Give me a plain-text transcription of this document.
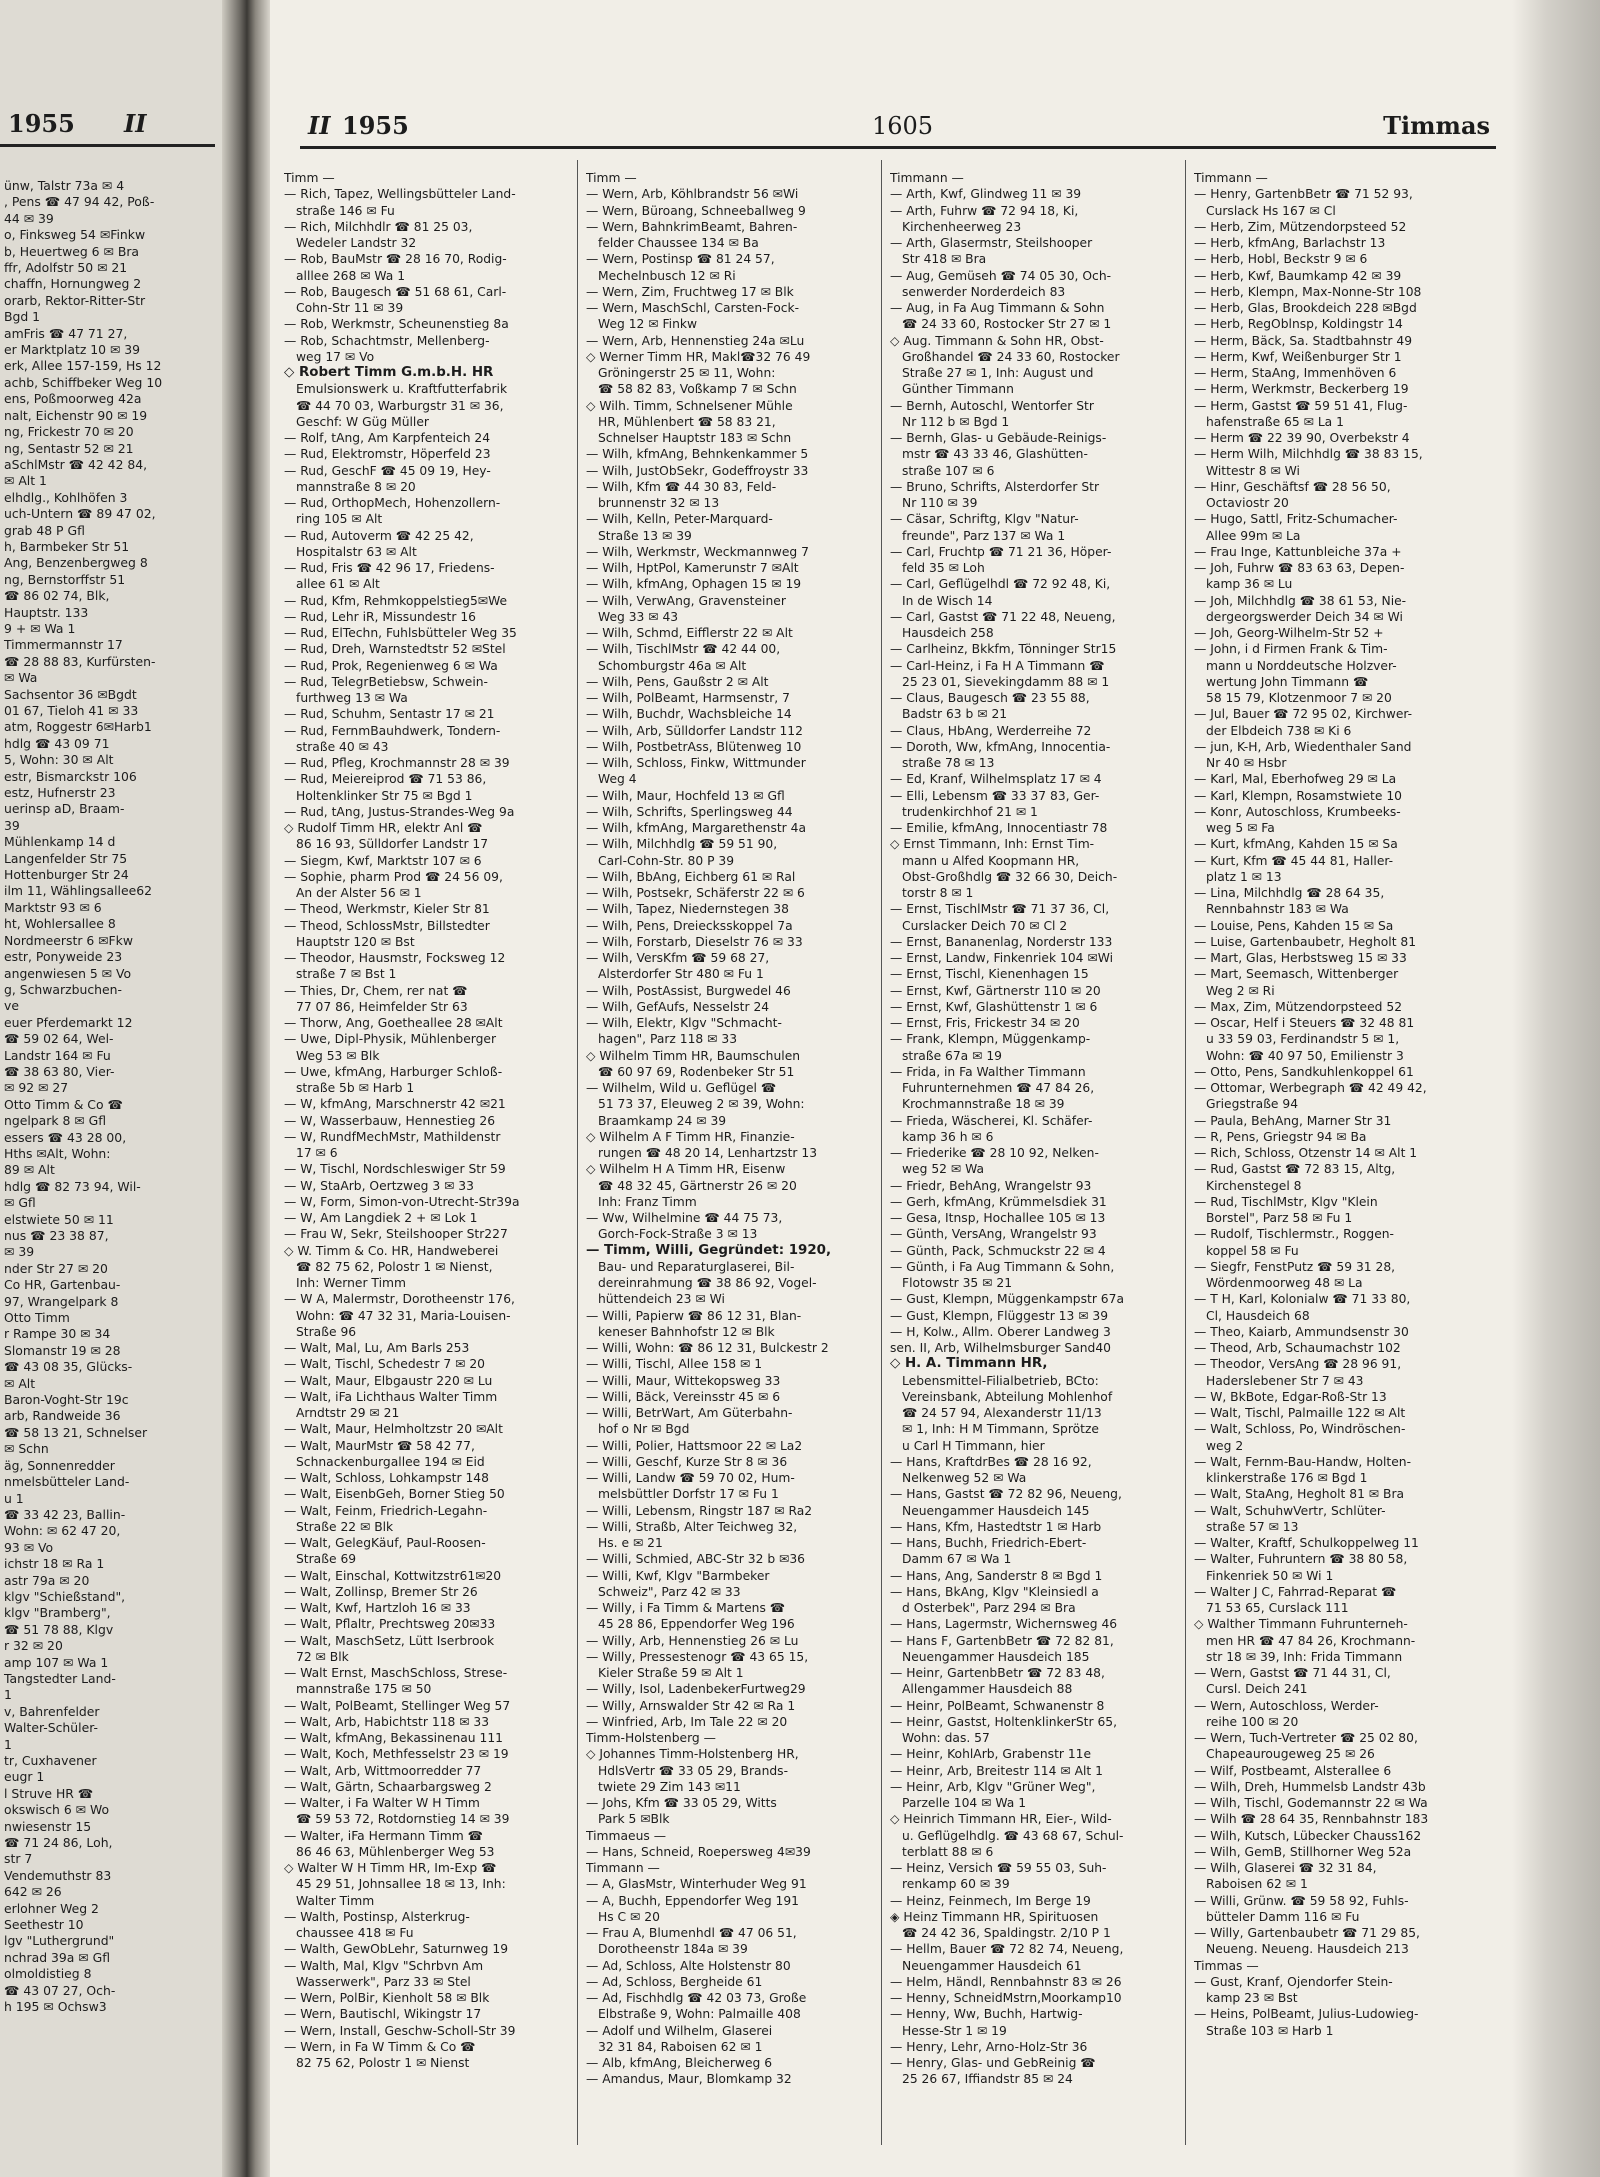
1955 II
ünw, Talstr 73a ✉ 4
, Pens ☎ 47 94 42, Poß-
44 ✉ 39
o, Finksweg 54 ✉Finkw
b, Heuertweg 6 ✉ Bra
ffr, Adolfstr 50 ✉ 21
chaffn, Hornungweg 2
orarb, Rektor-Ritter-Str
Bgd 1
amFris ☎ 47 71 27,
er Marktplatz 10 ✉ 39
erk, Allee 157-159, Hs 12
achb, Schiffbeker Weg 10
ens, Poßmoorweg 42a
nalt, Eichenstr 90 ✉ 19
ng, Frickestr 70 ✉ 20
ng, Sentastr 52 ✉ 21
aSchlMstr ☎ 42 42 84,
✉ Alt 1
elhdlg., Kohlhöfen 3
uch-Untern ☎ 89 47 02,
grab 48 P Gfl
h, Barmbeker Str 51
Ang, Benzenbergweg 8
ng, Bernstorffstr 51
☎ 86 02 74, Blk,
Hauptstr. 133
9 + ✉ Wa 1
Timmermannstr 17
☎ 28 88 83, Kurfürsten-
✉ Wa
Sachsentor 36 ✉Bgdt
01 67, Tieloh 41 ✉ 33
atm, Roggestr 6✉Harb1
hdlg ☎ 43 09 71
5, Wohn: 30 ✉ Alt
estr, Bismarckstr 106
estz, Hufnerstr 23
uerinsp aD, Braam-
39
Mühlenkamp 14 d
Langenfelder Str 75
Hottenburger Str 24
ilm 11, Wählingsallee62
Marktstr 93 ✉ 6
ht, Wohlersallee 8
Nordmeerstr 6 ✉Fkw
estr, Ponyweide 23
angenwiesen 5 ✉ Vo
g, Schwarzbuchen-
ve
euer Pferdemarkt 12
☎ 59 02 64, Wel-
Landstr 164 ✉ Fu
☎ 38 63 80, Vier-
✉ 92 ✉ 27
Otto Timm & Co ☎
ngelpark 8 ✉ Gfl
essers ☎ 43 28 00,
Hths ✉Alt, Wohn:
89 ✉ Alt
hdlg ☎ 82 73 94, Wil-
✉ Gfl
elstwiete 50 ✉ 11
nus ☎ 23 38 87,
✉ 39
nder Str 27 ✉ 20
Co HR, Gartenbau-
97, Wrangelpark 8
Otto Timm
r Rampe 30 ✉ 34
Slomanstr 19 ✉ 28
☎ 43 08 35, Glücks-
✉ Alt
Baron-Voght-Str 19c
arb, Randweide 36
☎ 58 13 21, Schnelser
✉ Schn
äg, Sonnenredder
nmelsbütteler Land-
u 1
☎ 33 42 23, Ballin-
Wohn: ✉ 62 47 20,
93 ✉ Vo
ichstr 18 ✉ Ra 1
astr 79a ✉ 20
klgv "Schießstand",
klgv "Bramberg",
☎ 51 78 88, Klgv
r 32 ✉ 20
amp 107 ✉ Wa 1
Tangstedter Land-
1
v, Bahrenfelder
Walter-Schüler-
1
tr, Cuxhavener
eugr 1
l Struve HR ☎
okswisch 6 ✉ Wo
nwiesenstr 15
☎ 71 24 86, Loh,
str 7
Vendemuthstr 83
642 ✉ 26
erlohner Weg 2
Seethestr 10
lgv "Luthergrund"
nchrad 39a ✉ Gfl
olmoldistieg 8
☎ 43 07 27, Och-
h 195 ✉ Ochsw3
II 1955	1605	Timmas
Timm —
— Rich, Tapez, Wellingsbütteler Land-
straße 146 ✉ Fu
— Rich, Milchhdlr ☎ 81 25 03,
Wedeler Landstr 32
— Rob, BauMstr ☎ 28 16 70, Rodig-
alllee 268 ✉ Wa 1
— Rob, Baugesch ☎ 51 68 61, Carl-
Cohn-Str 11 ✉ 39
— Rob, Werkmstr, Scheunenstieg 8a
— Rob, Schachtmstr, Mellenberg-
weg 17 ✉ Vo
◇ Robert Timm G.m.b.H. HR
Emulsionswerk u. Kraftfutterfabrik
☎ 44 70 03, Warburgstr 31 ✉ 36,
Geschf: W Güg Müller
— Rolf, tAng, Am Karpfenteich 24
— Rud, Elektromstr, Höperfeld 23
— Rud, GeschF ☎ 45 09 19, Hey-
mannstraße 8 ✉ 20
— Rud, OrthopMech, Hohenzollern-
ring 105 ✉ Alt
— Rud, Autoverm ☎ 42 25 42,
Hospitalstr 63 ✉ Alt
— Rud, Fris ☎ 42 96 17, Friedens-
allee 61 ✉ Alt
— Rud, Kfm, Rehmkoppelstieg5✉We
— Rud, Lehr iR, Missundestr 16
— Rud, ElTechn, Fuhlsbütteler Weg 35
— Rud, Dreh, Warnstedtstr 52 ✉Stel
— Rud, Prok, Regenienweg 6 ✉ Wa
— Rud, TelegrBetiebsw, Schwein-
furthweg 13 ✉ Wa
— Rud, Schuhm, Sentastr 17 ✉ 21
— Rud, FernmBauhdwerk, Tondern-
straße 40 ✉ 43
— Rud, Pfleg, Krochmannstr 28 ✉ 39
— Rud, Meiereiprod ☎ 71 53 86,
Holtenklinker Str 75 ✉ Bgd 1
— Rud, tAng, Justus-Strandes-Weg 9a
◇ Rudolf Timm HR, elektr Anl ☎
86 16 93, Sülldorfer Landstr 17
— Siegm, Kwf, Marktstr 107 ✉ 6
— Sophie, pharm Prod ☎ 24 56 09,
An der Alster 56 ✉ 1
— Theod, Werkmstr, Kieler Str 81
— Theod, SchlossMstr, Billstedter
Hauptstr 120 ✉ Bst
— Theodor, Hausmstr, Focksweg 12
straße 7 ✉ Bst 1
— Thies, Dr, Chem, rer nat ☎
77 07 86, Heimfelder Str 63
— Thorw, Ang, Goetheallee 28 ✉Alt
— Uwe, Dipl-Physik, Mühlenberger
Weg 53 ✉ Blk
— Uwe, kfmAng, Harburger Schloß-
straße 5b ✉ Harb 1
— W, kfmAng, Marschnerstr 42 ✉21
— W, Wasserbauw, Hennestieg 26
— W, RundfMechMstr, Mathildenstr
17 ✉ 6
— W, Tischl, Nordschleswiger Str 59
— W, StaArb, Oertzweg 3 ✉ 33
— W, Form, Simon-von-Utrecht-Str39a
— W, Am Langdiek 2 + ✉ Lok 1
— Frau W, Sekr, Steilshooper Str227
◇ W. Timm & Co. HR, Handweberei
☎ 82 75 62, Polostr 1 ✉ Nienst,
Inh: Werner Timm
— W A, Malermstr, Dorotheenstr 176,
Wohn: ☎ 47 32 31, Maria-Louisen-
Straße 96
— Walt, Mal, Lu, Am Barls 253
— Walt, Tischl, Schedestr 7 ✉ 20
— Walt, Maur, Elbgaustr 220 ✉ Lu
— Walt, iFa Lichthaus Walter Timm
Arndtstr 29 ✉ 21
— Walt, Maur, Helmholtzstr 20 ✉Alt
— Walt, MaurMstr ☎ 58 42 77,
Schnackenburgallee 194 ✉ Eid
— Walt, Schloss, Lohkampstr 148
— Walt, EisenbGeh, Borner Stieg 50
— Walt, Feinm, Friedrich-Legahn-
Straße 22 ✉ Blk
— Walt, GelegKäuf, Paul-Roosen-
Straße 69
— Walt, Einschal, Kottwitzstr61✉20
— Walt, Zollinsp, Bremer Str 26
— Walt, Kwf, Hartzloh 16 ✉ 33
— Walt, Pflaltr, Prechtsweg 20✉33
— Walt, MaschSetz, Lütt Iserbrook
72 ✉ Blk
— Walt Ernst, MaschSchloss, Strese-
mannstraße 175 ✉ 50
— Walt, PolBeamt, Stellinger Weg 57
— Walt, Arb, Habichtstr 118 ✉ 33
— Walt, kfmAng, Bekassinenau 111
— Walt, Koch, Methfesselstr 23 ✉ 19
— Walt, Arb, Wittmoorredder 77
— Walt, Gärtn, Schaarbargsweg 2
— Walter, i Fa Walter W H Timm
☎ 59 53 72, Rotdornstieg 14 ✉ 39
— Walter, iFa Hermann Timm ☎
86 46 63, Mühlenberger Weg 53
◇ Walter W H Timm HR, Im-Exp ☎
45 29 51, Johnsallee 18 ✉ 13, Inh:
Walter Timm
— Walth, Postinsp, Alsterkrug-
chaussee 418 ✉ Fu
— Walth, GewObLehr, Saturnweg 19
— Walth, Mal, Klgv "Schrbvn Am
Wasserwerk", Parz 33 ✉ Stel
— Wern, PolBir, Kienholt 58 ✉ Blk
— Wern, Bautischl, Wikingstr 17
— Wern, Install, Geschw-Scholl-Str 39
— Wern, in Fa W Timm & Co ☎
82 75 62, Polostr 1 ✉ Nienst
Timm —
— Wern, Arb, Köhlbrandstr 56 ✉Wi
— Wern, Büroang, Schneeballweg 9
— Wern, BahnkrimBeamt, Bahren-
felder Chaussee 134 ✉ Ba
— Wern, Postinsp ☎ 81 24 57,
Mechelnbusch 12 ✉ Ri
— Wern, Zim, Fruchtweg 17 ✉ Blk
— Wern, MaschSchl, Carsten-Fock-
Weg 12 ✉ Finkw
— Wern, Arb, Hennenstieg 24a ✉Lu
◇ Werner Timm HR, Makl☎32 76 49
Gröningerstr 25 ✉ 11, Wohn:
☎ 58 82 83, Voßkamp 7 ✉ Schn
◇ Wilh. Timm, Schnelsener Mühle
HR, Mühlenbert ☎ 58 83 21,
Schnelser Hauptstr 183 ✉ Schn
— Wilh, kfmAng, Behnkenkammer 5
— Wilh, JustObSekr, Godeffroystr 33
— Wilh, Kfm ☎ 44 30 83, Feld-
brunnenstr 32 ✉ 13
— Wilh, Kelln, Peter-Marquard-
Straße 13 ✉ 39
— Wilh, Werkmstr, Weckmannweg 7
— Wilh, HptPol, Kamerunstr 7 ✉Alt
— Wilh, kfmAng, Ophagen 15 ✉ 19
— Wilh, VerwAng, Gravensteiner
Weg 33 ✉ 43
— Wilh, Schmd, Eifflerstr 22 ✉ Alt
— Wilh, TischlMstr ☎ 42 44 00,
Schomburgstr 46a ✉ Alt
— Wilh, Pens, Gaußstr 2 ✉ Alt
— Wilh, PolBeamt, Harmsenstr, 7
— Wilh, Buchdr, Wachsbleiche 14
— Wilh, Arb, Sülldorfer Landstr 112
— Wilh, PostbetrAss, Blütenweg 10
— Wilh, Schloss, Finkw, Wittmunder
Weg 4
— Wilh, Maur, Hochfeld 13 ✉ Gfl
— Wilh, Schrifts, Sperlingsweg 44
— Wilh, kfmAng, Margarethenstr 4a
— Wilh, Milchhdlg ☎ 59 51 90,
Carl-Cohn-Str. 80 P 39
— Wilh, BbAng, Eichberg 61 ✉ Ral
— Wilh, Postsekr, Schäferstr 22 ✉ 6
— Wilh, Tapez, Niedernstegen 38
— Wilh, Pens, Dreiecksskoppel 7a
— Wilh, Forstarb, Dieselstr 76 ✉ 33
— Wilh, VersKfm ☎ 59 68 27,
Alsterdorfer Str 480 ✉ Fu 1
— Wilh, PostAssist, Burgwedel 46
— Wilh, GefAufs, Nesselstr 24
— Wilh, Elektr, Klgv "Schmacht-
hagen", Parz 118 ✉ 33
◇ Wilhelm Timm HR, Baumschulen
☎ 60 97 69, Rodenbeker Str 51
— Wilhelm, Wild u. Geflügel ☎
51 73 37, Eleuweg 2 ✉ 39, Wohn:
Braamkamp 24 ✉ 39
◇ Wilhelm A F Timm HR, Finanzie-
rungen ☎ 48 20 14, Lenhartzstr 13
◇ Wilhelm H A Timm HR, Eisenw
☎ 48 32 45, Gärtnerstr 26 ✉ 20
Inh: Franz Timm
— Ww, Wilhelmine ☎ 44 75 73,
Gorch-Fock-Straße 3 ✉ 13
— Timm, Willi, Gegründet: 1920,
Bau- und Reparaturglaserei, Bil-
dereinrahmung ☎ 38 86 92, Vogel-
hüttendeich 23 ✉ Wi
— Willi, Papierw ☎ 86 12 31, Blan-
keneser Bahnhofstr 12 ✉ Blk
— Willi, Wohn: ☎ 86 12 31, Bulckestr 2
— Willi, Tischl, Allee 158 ✉ 1
— Willi, Maur, Wittekopsweg 33
— Willi, Bäck, Vereinsstr 45 ✉ 6
— Willi, BetrWart, Am Güterbahn-
hof o Nr ✉ Bgd
— Willi, Polier, Hattsmoor 22 ✉ La2
— Willi, Geschf, Kurze Str 8 ✉ 36
— Willi, Landw ☎ 59 70 02, Hum-
melsbüttler Dorfstr 17 ✉ Fu 1
— Willi, Lebensm, Ringstr 187 ✉ Ra2
— Willi, Straßb, Alter Teichweg 32,
Hs. e ✉ 21
— Willi, Schmied, ABC-Str 32 b ✉36
— Willi, Kwf, Klgv "Barmbeker
Schweiz", Parz 42 ✉ 33
— Willy, i Fa Timm & Martens ☎
45 28 86, Eppendorfer Weg 196
— Willy, Arb, Hennenstieg 26 ✉ Lu
— Willy, Pressestenogr ☎ 43 65 15,
Kieler Straße 59 ✉ Alt 1
— Willy, Isol, LadenbekerFurtweg29
— Willy, Arnswalder Str 42 ✉ Ra 1
— Winfried, Arb, Im Tale 22 ✉ 20
Timm-Holstenberg —
◇ Johannes Timm-Holstenberg HR,
HdlsVertr ☎ 33 05 29, Brands-
twiete 29 Zim 143 ✉11
— Johs, Kfm ☎ 33 05 29, Witts
Park 5 ✉Blk
Timmaeus —
— Hans, Schneid, Roepersweg 4✉39
Timmann —
— A, GlasMstr, Winterhuder Weg 91
— A, Buchh, Eppendorfer Weg 191
Hs C ✉ 20
— Frau A, Blumenhdl ☎ 47 06 51,
Dorotheenstr 184a ✉ 39
— Ad, Schloss, Alte Holstenstr 80
— Ad, Schloss, Bergheide 61
— Ad, Fischhdlg ☎ 42 03 73, Große
Elbstraße 9, Wohn: Palmaille 408
— Adolf und Wilhelm, Glaserei
32 31 84, Raboisen 62 ✉ 1
— Alb, kfmAng, Bleicherweg 6
— Amandus, Maur, Blomkamp 32
Timmann —
— Arth, Kwf, Glindweg 11 ✉ 39
— Arth, Fuhrw ☎ 72 94 18, Ki,
Kirchenheerweg 23
— Arth, Glasermstr, Steilshooper
Str 418 ✉ Bra
— Aug, Gemüseh ☎ 74 05 30, Och-
senwerder Norderdeich 83
— Aug, in Fa Aug Timmann & Sohn
☎ 24 33 60, Rostocker Str 27 ✉ 1
◇ Aug. Timmann & Sohn HR, Obst-
Großhandel ☎ 24 33 60, Rostocker
Straße 27 ✉ 1, Inh: August und
Günther Timmann
— Bernh, Autoschl, Wentorfer Str
Nr 112 b ✉ Bgd 1
— Bernh, Glas- u Gebäude-Reinigs-
mstr ☎ 43 33 46, Glashütten-
straße 107 ✉ 6
— Bruno, Schrifts, Alsterdorfer Str
Nr 110 ✉ 39
— Cäsar, Schriftg, Klgv "Natur-
freunde", Parz 137 ✉ Wa 1
— Carl, Fruchtp ☎ 71 21 36, Höper-
feld 35 ✉ Loh
— Carl, Geflügelhdl ☎ 72 92 48, Ki,
In de Wisch 14
— Carl, Gastst ☎ 71 22 48, Neueng,
Hausdeich 258
— Carlheinz, Bkkfm, Tönninger Str15
— Carl-Heinz, i Fa H A Timmann ☎
25 23 01, Sievekingdamm 88 ✉ 1
— Claus, Baugesch ☎ 23 55 88,
Badstr 63 b ✉ 21
— Claus, HbAng, Werderreihe 72
— Doroth, Ww, kfmAng, Innocentia-
straße 78 ✉ 13
— Ed, Kranf, Wilhelmsplatz 17 ✉ 4
— Elli, Lebensm ☎ 33 37 83, Ger-
trudenkirchhof 21 ✉ 1
— Emilie, kfmAng, Innocentiastr 78
◇ Ernst Timmann, Inh: Ernst Tim-
mann u Alfed Koopmann HR,
Obst-Großhdlg ☎ 32 66 30, Deich-
torstr 8 ✉ 1
— Ernst, TischlMstr ☎ 71 37 36, Cl,
Curslacker Deich 70 ✉ Cl 2
— Ernst, Bananenlag, Norderstr 133
— Ernst, Landw, Finkenriek 104 ✉Wi
— Ernst, Tischl, Kienenhagen 15
— Ernst, Kwf, Gärtnerstr 110 ✉ 20
— Ernst, Kwf, Glashüttenstr 1 ✉ 6
— Ernst, Fris, Frickestr 34 ✉ 20
— Frank, Klempn, Müggenkamp-
straße 67a ✉ 19
— Frida, in Fa Walther Timmann
Fuhrunternehmen ☎ 47 84 26,
Krochmannstraße 18 ✉ 39
— Frieda, Wäscherei, Kl. Schäfer-
kamp 36 h ✉ 6
— Friederike ☎ 28 10 92, Nelken-
weg 52 ✉ Wa
— Friedr, BehAng, Wrangelstr 93
— Gerh, kfmAng, Krümmelsdiek 31
— Gesa, Itnsp, Hochallee 105 ✉ 13
— Günth, VersAng, Wrangelstr 93
— Günth, Pack, Schmuckstr 22 ✉ 4
— Günth, i Fa Aug Timmann & Sohn,
Flotowstr 35 ✉ 21
— Gust, Klempn, Müggenkampstr 67a
— Gust, Klempn, Flüggestr 13 ✉ 39
— H, Kolw., Allm. Oberer Landweg 3
sen. II, Arb, Wilhelmsburger Sand40
◇ H. A. Timmann HR,
Lebensmittel-Filialbetrieb, BCto:
Vereinsbank, Abteilung Mohlenhof
☎ 24 57 94, Alexanderstr 11/13
✉ 1, Inh: H M Timmann, Sprötze
u Carl H Timmann, hier
— Hans, KraftdrBes ☎ 28 16 92,
Nelkenweg 52 ✉ Wa
— Hans, Gastst ☎ 72 82 96, Neueng,
Neuengammer Hausdeich 145
— Hans, Kfm, Hastedtstr 1 ✉ Harb
— Hans, Buchh, Friedrich-Ebert-
Damm 67 ✉ Wa 1
— Hans, Ang, Sanderstr 8 ✉ Bgd 1
— Hans, BkAng, Klgv "Kleinsiedl a
d Osterbek", Parz 294 ✉ Bra
— Hans, Lagermstr, Wichernsweg 46
— Hans F, GartenbBetr ☎ 72 82 81,
Neuengammer Hausdeich 185
— Heinr, GartenbBetr ☎ 72 83 48,
Allengammer Hausdeich 88
— Heinr, PolBeamt, Schwanenstr 8
— Heinr, Gastst, HoltenklinkerStr 65,
Wohn: das. 57
— Heinr, KohlArb, Grabenstr 11e
— Heinr, Arb, Breitestr 114 ✉ Alt 1
— Heinr, Arb, Klgv "Grüner Weg",
Parzelle 104 ✉ Wa 1
◇ Heinrich Timmann HR, Eier-, Wild-
u. Geflügelhdlg. ☎ 43 68 67, Schul-
terblatt 88 ✉ 6
— Heinz, Versich ☎ 59 55 03, Suh-
renkamp 60 ✉ 39
— Heinz, Feinmech, Im Berge 19
◈ Heinz Timmann HR, Spirituosen
☎ 24 42 36, Spaldingstr. 2/10 P 1
— Hellm, Bauer ☎ 72 82 74, Neueng,
Neuengammer Hausdeich 61
— Helm, Händl, Rennbahnstr 83 ✉ 26
— Henny, SchneidMstrn,Moorkamp10
— Henny, Ww, Buchh, Hartwig-
Hesse-Str 1 ✉ 19
— Henry, Lehr, Arno-Holz-Str 36
— Henry, Glas- und GebReinig ☎
25 26 67, Iffiandstr 85 ✉ 24
Timmann —
— Henry, GartenbBetr ☎ 71 52 93,
Curslack Hs 167 ✉ Cl
— Herb, Zim, Mützendorpsteed 52
— Herb, kfmAng, Barlachstr 13
— Herb, Hobl, Beckstr 9 ✉ 6
— Herb, Kwf, Baumkamp 42 ✉ 39
— Herb, Klempn, Max-Nonne-Str 108
— Herb, Glas, Brookdeich 228 ✉Bgd
— Herb, RegOblnsp, Koldingstr 14
— Herm, Bäck, Sa. Stadtbahnstr 49
— Herm, Kwf, Weißenburger Str 1
— Herm, StaAng, Immenhöven 6
— Herm, Werkmstr, Beckerberg 19
— Herm, Gastst ☎ 59 51 41, Flug-
hafenstraße 65 ✉ La 1
— Herm ☎ 22 39 90, Overbekstr 4
— Herm Wilh, Milchhdlg ☎ 38 83 15,
Wittestr 8 ✉ Wi
— Hinr, Geschäftsf ☎ 28 56 50,
Octaviostr 20
— Hugo, Sattl, Fritz-Schumacher-
Allee 99m ✉ La
— Frau Inge, Kattunbleiche 37a +
— Joh, Fuhrw ☎ 83 63 63, Depen-
kamp 36 ✉ Lu
— Joh, Milchhdlg ☎ 38 61 53, Nie-
dergeorgswerder Deich 34 ✉ Wi
— Joh, Georg-Wilhelm-Str 52 +
— John, i d Firmen Frank & Tim-
mann u Norddeutsche Holzver-
wertung John Timmann ☎
58 15 79, Klotzenmoor 7 ✉ 20
— Jul, Bauer ☎ 72 95 02, Kirchwer-
der Elbdeich 738 ✉ Ki 6
— jun, K-H, Arb, Wiedenthaler Sand
Nr 40 ✉ Hsbr
— Karl, Mal, Eberhofweg 29 ✉ La
— Karl, Klempn, Rosamstwiete 10
— Konr, Autoschloss, Krumbeeks-
weg 5 ✉ Fa
— Kurt, kfmAng, Kahden 15 ✉ Sa
— Kurt, Kfm ☎ 45 44 81, Haller-
platz 1 ✉ 13
— Lina, Milchhdlg ☎ 28 64 35,
Rennbahnstr 183 ✉ Wa
— Louise, Pens, Kahden 15 ✉ Sa
— Luise, Gartenbaubetr, Hegholt 81
— Mart, Glas, Herbstsweg 15 ✉ 33
— Mart, Seemasch, Wittenberger
Weg 2 ✉ Ri
— Max, Zim, Mützendorpsteed 52
— Oscar, Helf i Steuers ☎ 32 48 81
u 33 59 03, Ferdinandstr 5 ✉ 1,
Wohn: ☎ 40 97 50, Emilienstr 3
— Otto, Pens, Sandkuhlenkoppel 61
— Ottomar, Werbegraph ☎ 42 49 42,
Griegstraße 94
— Paula, BehAng, Marner Str 31
— R, Pens, Griegstr 94 ✉ Ba
— Rich, Schloss, Otzenstr 14 ✉ Alt 1
— Rud, Gastst ☎ 72 83 15, Altg,
Kirchenstegel 8
— Rud, TischlMstr, Klgv "Klein
Borstel", Parz 58 ✉ Fu 1
— Rudolf, Tischlermstr., Roggen-
koppel 58 ✉ Fu
— Siegfr, FenstPutz ☎ 59 31 28,
Wördenmoorweg 48 ✉ La
— T H, Karl, Kolonialw ☎ 71 33 80,
Cl, Hausdeich 68
— Theo, Kaiarb, Ammundsenstr 30
— Theod, Arb, Schaumachstr 102
— Theodor, VersAng ☎ 28 96 91,
Haderslebener Str 7 ✉ 43
— W, BkBote, Edgar-Roß-Str 13
— Walt, Tischl, Palmaille 122 ✉ Alt
— Walt, Schloss, Po, Windröschen-
weg 2
— Walt, Fernm-Bau-Handw, Holten-
klinkerstraße 176 ✉ Bgd 1
— Walt, StaAng, Hegholt 81 ✉ Bra
— Walt, SchuhwVertr, Schlüter-
straße 57 ✉ 13
— Walter, Kraftf, Schulkoppelweg 11
— Walter, Fuhruntern ☎ 38 80 58,
Finkenriek 50 ✉ Wi 1
— Walter J C, Fahrrad-Reparat ☎
71 53 65, Curslack 111
◇ Walther Timmann Fuhrunterneh-
men HR ☎ 47 84 26, Krochmann-
str 18 ✉ 39, Inh: Frida Timmann
— Wern, Gastst ☎ 71 44 31, Cl,
Cursl. Deich 241
— Wern, Autoschloss, Werder-
reihe 100 ✉ 20
— Wern, Tuch-Vertreter ☎ 25 02 80,
Chapeaurougeweg 25 ✉ 26
— Wilf, Postbeamt, Alsterallee 6
— Wilh, Dreh, Hummelsb Landstr 43b
— Wilh, Tischl, Godemannstr 22 ✉ Wa
— Wilh ☎ 28 64 35, Rennbahnstr 183
— Wilh, Kutsch, Lübecker Chauss162
— Wilh, GemB, Stillhorner Weg 52a
— Wilh, Glaserei ☎ 32 31 84,
Raboisen 62 ✉ 1
— Willi, Grünw. ☎ 59 58 92, Fuhls-
bütteler Damm 116 ✉ Fu
— Willy, Gartenbaubetr ☎ 71 29 85,
Neueng. Neueng. Hausdeich 213
Timmas —
— Gust, Kranf, Ojendorfer Stein-
kamp 23 ✉ Bst
— Heins, PolBeamt, Julius-Ludowieg-
Straße 103 ✉ Harb 1
